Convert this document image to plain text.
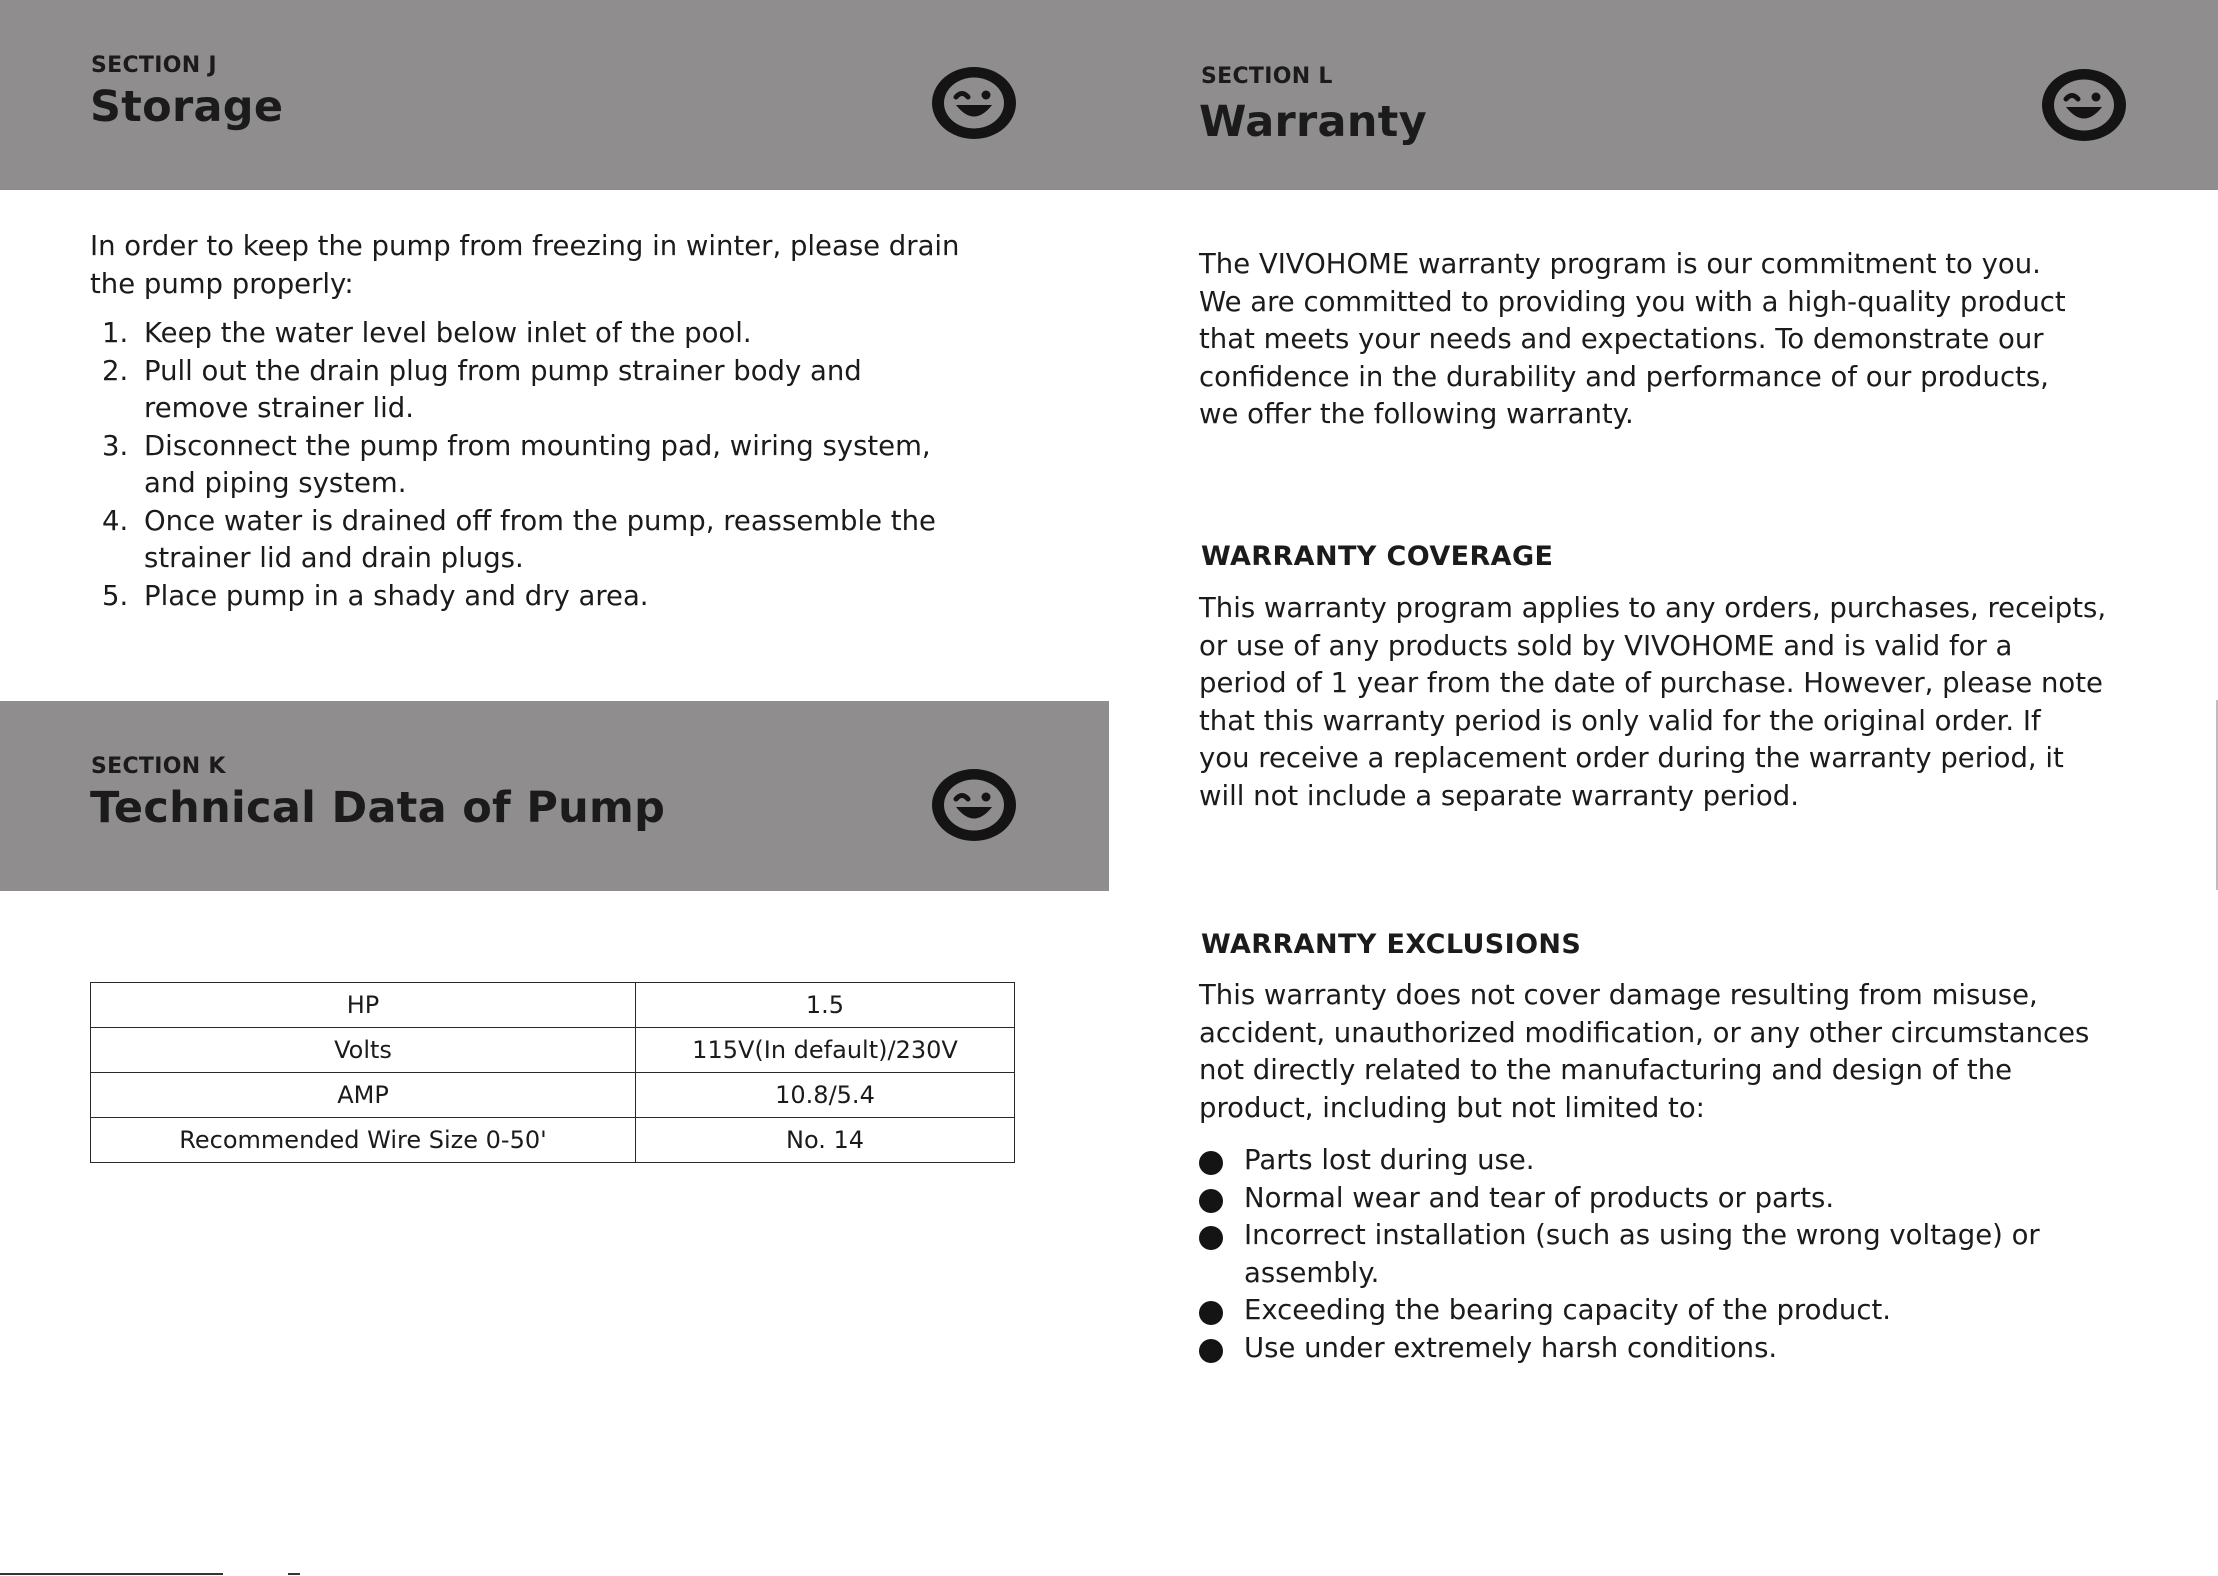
SECTION J
Storage
SECTION L
Warranty
In order to keep the pump from freezing in winter, please drain
the pump properly:
1. Keep the water level below inlet of the pool.
2. Pull out the drain plug from pump strainer body and
remove strainer lid.
3. Disconnect the pump from mounting pad, wiring system,
and piping system.
4. Once water is drained off from the pump, reassemble the
strainer lid and drain plugs.
5. Place pump in a shady and dry area.
SECTION K
Technical Data of Pump
HP	1.5
Volts	115V(In default)/230V
AMP	10.8/5.4
Recommended Wire Size 0-50'	No. 14
The VIVOHOME warranty program is our commitment to you.
We are committed to providing you with a high-quality product
that meets your needs and expectations. To demonstrate our
confidence in the durability and performance of our products,
we offer the following warranty.
WARRANTY COVERAGE
This warranty program applies to any orders, purchases, receipts,
or use of any products sold by VIVOHOME and is valid for a
period of 1 year from the date of purchase. However, please note
that this warranty period is only valid for the original order. If
you receive a replacement order during the warranty period, it
will not include a separate warranty period.
WARRANTY EXCLUSIONS
This warranty does not cover damage resulting from misuse,
accident, unauthorized modification, or any other circumstances
not directly related to the manufacturing and design of the
product, including but not limited to:
Parts lost during use.
Normal wear and tear of products or parts.
Incorrect installation (such as using the wrong voltage) or
assembly.
Exceeding the bearing capacity of the product.
Use under extremely harsh conditions.
